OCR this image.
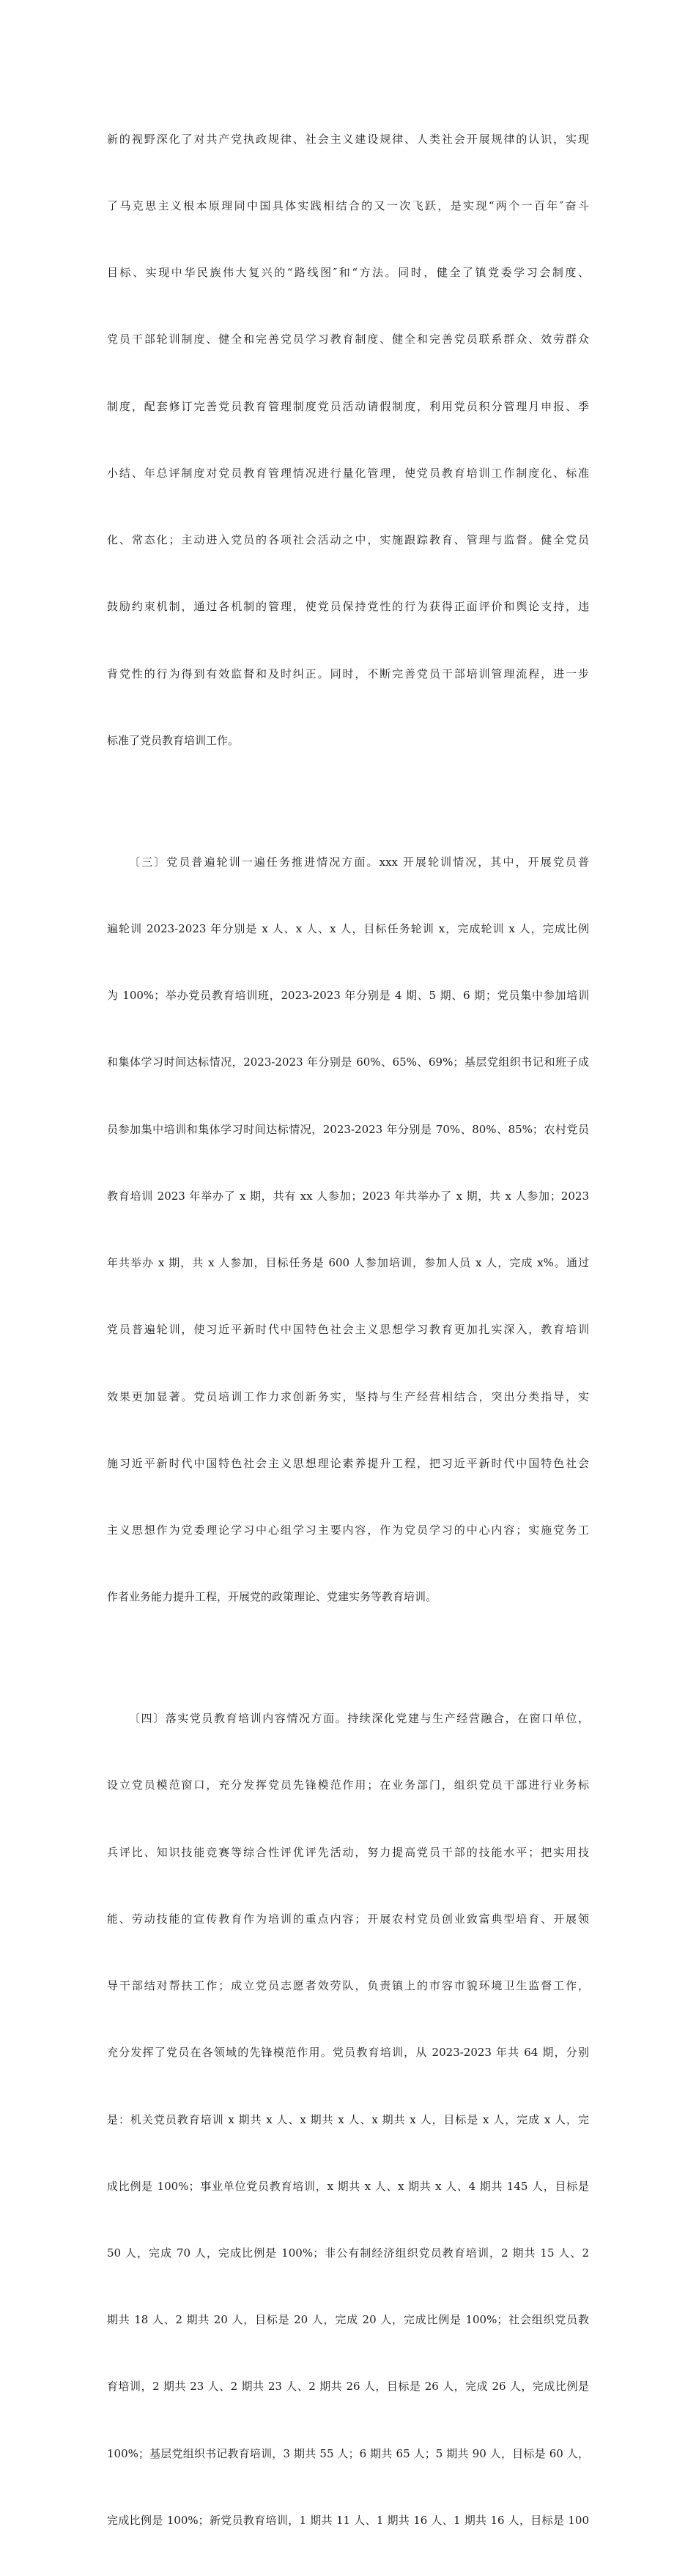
新的视野深化了对共产党执政规律、社会主义建设规律、人类社会开展规律的认识，实现

了马克思主义根本原理同中国具体实践相结合的又一次飞跃，是实现“两个一百年″奋斗

目标、实现中华民族伟大复兴的“路线图″和“方法。同时，健全了镇党委学习会制度、

党员干部轮训制度、健全和完善党员学习教育制度、健全和完善党员联系群众、效劳群众

制度，配套修订完善党员教育管理制度党员活动请假制度，利用党员积分管理月申报、季

小结、年总评制度对党员教育管理情况进行量化管理，使党员教育培训工作制度化、标准

化、常态化；主动进入党员的各项社会活动之中，实施跟踪教育、管理与监督。健全党员

鼓励约束机制，通过各机制的管理，使党员保持党性的行为获得正面评价和舆论支持，违

背党性的行为得到有效监督和及时纠正。同时，不断完善党员干部培训管理流程，进一步

标准了党员教育培训工作。

〔三〕党员普遍轮训一遍任务推进情况方面。xxx 开展轮训情况，其中，开展党员普

遍轮训 2023-2023 年分别是 x 人、x 人、x 人，目标任务轮训 x，完成轮训 x 人，完成比例

为 100%；举办党员教育培训班，2023-2023 年分别是 4 期、5 期、6 期；党员集中参加培训

和集体学习时间达标情况，2023-2023 年分别是 60%、65%、69%；基层党组织书记和班子成

员参加集中培训和集体学习时间达标情况，2023-2023 年分别是 70%、80%、85%；农村党员

教育培训 2023 年举办了 x 期，共有 xx 人参加；2023 年共举办了 x 期，共 x 人参加；2023

年共举办 x 期，共 x 人参加，目标任务是 600 人参加培训，参加人员 x 人，完成 x%。通过

党员普遍轮训，使习近平新时代中国特色社会主义思想学习教育更加扎实深入，教育培训

效果更加显著。党员培训工作力求创新务实，坚持与生产经营相结合，突出分类指导，实

施习近平新时代中国特色社会主义思想理论素养提升工程，把习近平新时代中国特色社会

主义思想作为党委理论学习中心组学习主要内容，作为党员学习的中心内容；实施党务工

作者业务能力提升工程，开展党的政策理论、党建实务等教育培训。

〔四〕落实党员教育培训内容情况方面。持续深化党建与生产经营融合，在窗口单位，

设立党员模范窗口，充分发挥党员先锋模范作用；在业务部门，组织党员干部进行业务标

兵评比、知识技能竞赛等综合性评优评先活动，努力提高党员干部的技能水平；把实用技

能、劳动技能的宣传教育作为培训的重点内容；开展农村党员创业致富典型培育、开展领

导干部结对帮扶工作；成立党员志愿者效劳队，负责镇上的市容市貌环境卫生监督工作，

充分发挥了党员在各领域的先锋模范作用。党员教育培训，从 2023-2023 年共 64 期，分别

是：机关党员教育培训 x 期共 x 人、x 期共 x 人、x 期共 x 人，目标是 x 人，完成 x 人，完

成比例是 100%；事业单位党员教育培训，x 期共 x 人、x 期共 x 人、4 期共 145 人，目标是

50 人，完成 70 人，完成比例是 100%；非公有制经济组织党员教育培训，2 期共 15 人、2

期共 18 人、2 期共 20 人，目标是 20 人，完成 20 人，完成比例是 100%；社会组织党员教

育培训，2 期共 23 人、2 期共 23 人、2 期共 26 人，目标是 26 人，完成 26 人，完成比例是

100%；基层党组织书记教育培训，3 期共 55 人；6 期共 65 人；5 期共 90 人，目标是 60 人，

完成比例是 100%；新党员教育培训，1 期共 11 人、1 期共 16 人、1 期共 16 人，目标是 100
